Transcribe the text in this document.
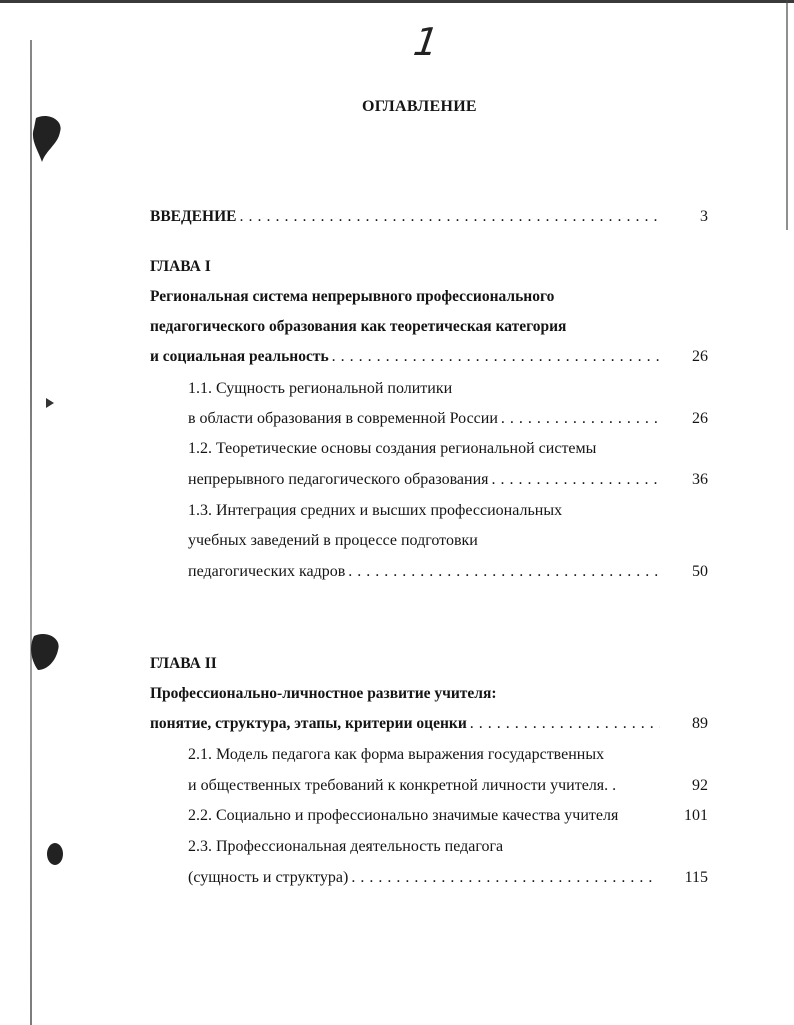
1
ОГЛАВЛЕНИЕ
ВВЕДЕНИЕ . . .	3
ГЛАВА I
Региональная система непрерывного профессионального
педагогического образования как теоретическая категория
и социальная реальность . . .	26
1.1. Сущность региональной политики
в области образования в современной России . . .	26
1.2. Теоретические основы создания региональной системы
непрерывного педагогического образования . . .	36
1.3. Интеграция средних и высших профессиональных
учебных заведений в процессе подготовки
педагогических кадров . . .	50
ГЛАВА II
Профессионально-личностное развитие учителя:
понятие, структура, этапы, критерии оценки . . .	89
2.1. Модель педагога как форма выражения государственных
и общественных требований к конкретной личности учителя. .	92
2.2. Социально и профессионально значимые качества учителя	101
2.3. Профессиональная деятельность педагога
(сущность и структура) . . .	115
